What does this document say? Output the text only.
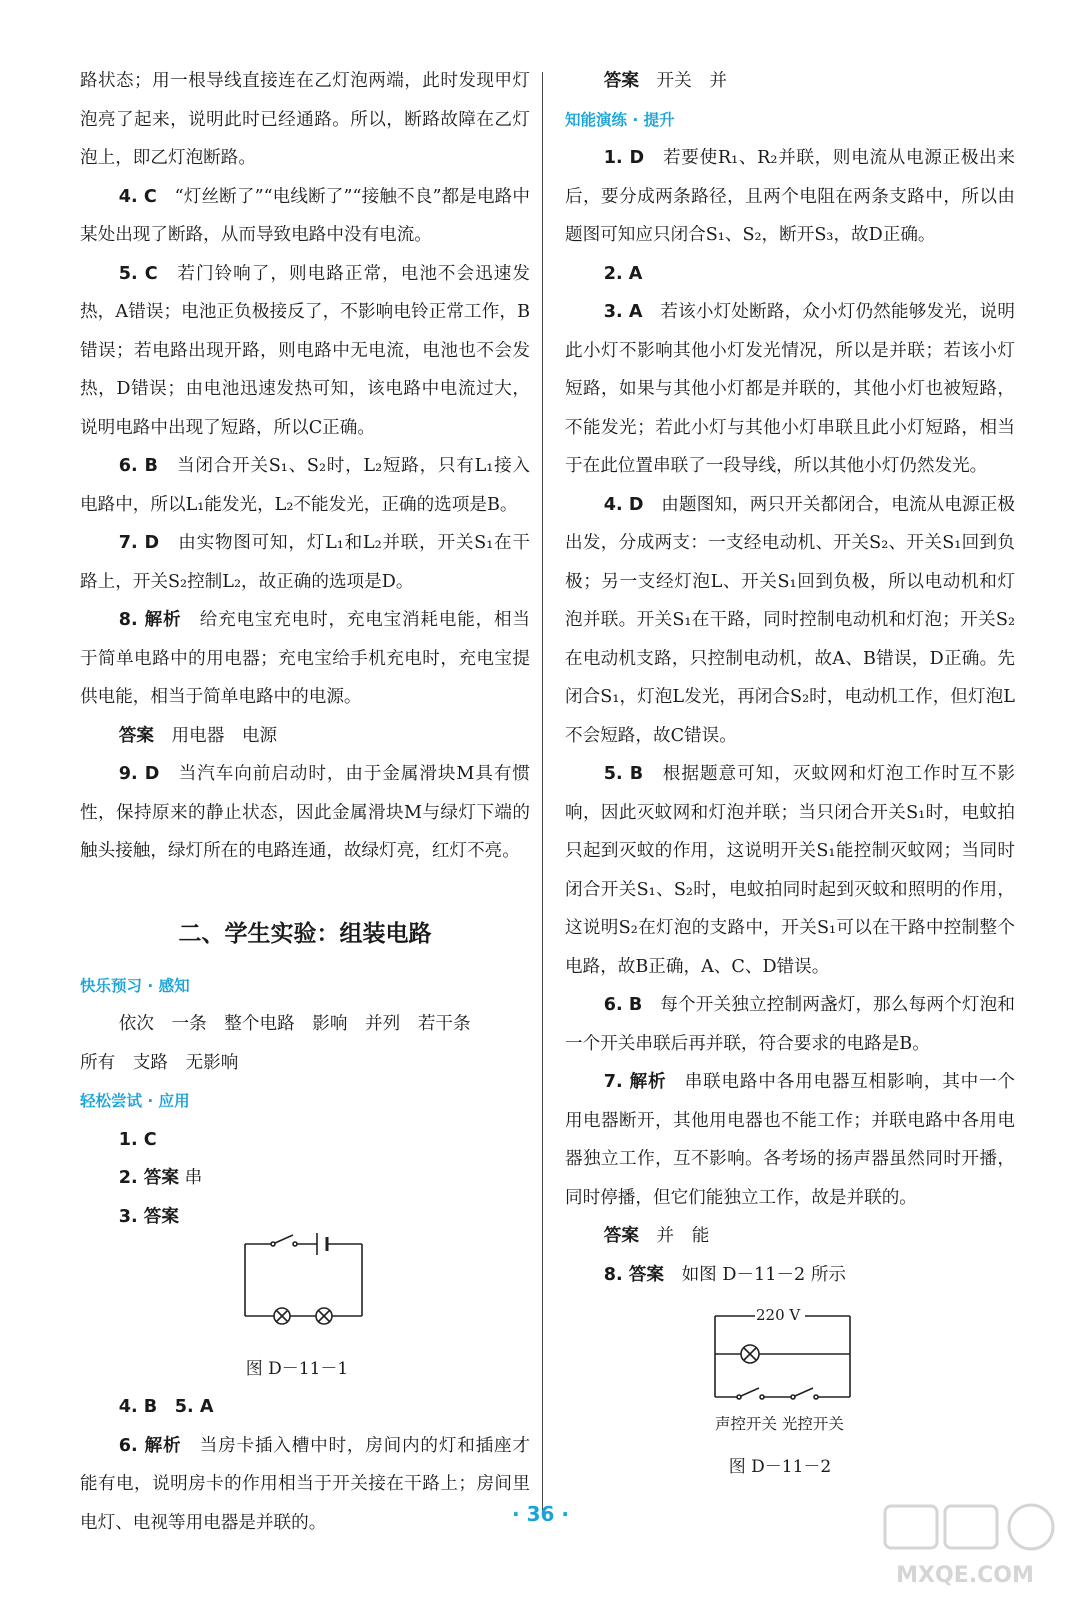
路状态；用一根导线直接连在乙灯泡两端，此时发现甲灯泡亮了起来，说明此时已经通路。所以，断路故障在乙灯泡上，即乙灯泡断路。

4. C　 “灯丝断了”“电线断了”“接触不良”都是电路中某处出现了断路，从而导致电路中没有电流。

5. C　 若门铃响了，则电路正常，电池不会迅速发热，A错误；电池正负极接反了，不影响电铃正常工作，B错误；若电路出现开路，则电路中无电流，电池也不会发热，D错误；由电池迅速发热可知，该电路中电流过大，说明电路中出现了短路，所以C正确。

6. B　 当闭合开关S₁、S₂时，L₂短路，只有L₁接入电路中，所以L₁能发光，L₂不能发光，正确的选项是B。

7. D　 由实物图可知，灯L₁和L₂并联，开关S₁在干路上，开关S₂控制L₂，故正确的选项是D。

8. 解析　 给充电宝充电时，充电宝消耗电能，相当于简单电路中的用电器；充电宝给手机充电时，充电宝提供电能，相当于简单电路中的电源。

答案　 用电器　电源

9. D　 当汽车向前启动时，由于金属滑块M具有惯性，保持原来的静止状态，因此金属滑块M与绿灯下端的触头接触，绿灯所在的电路连通，故绿灯亮，红灯不亮。

二、学生实验：组装电路

快乐预习 · 感知

依次　一条　整个电路　影响　并列　若干条

所有　支路　无影响

轻松尝试 · 应用

1. C

2. 答案 串

3. 答案

图 D－11－1

4. B　5. A

6. 解析　 当房卡插入槽中时，房间内的灯和插座才能有电，说明房卡的作用相当于开关接在干路上；房间里电灯、电视等用电器是并联的。

答案　 开关　并

知能演练 · 提升

1. D　 若要使R₁、R₂并联，则电流从电源正极出来后，要分成两条路径，且两个电阻在两条支路中，所以由题图可知应只闭合S₁、S₂，断开S₃，故D正确。

2. A

3. A　 若该小灯处断路，众小灯仍然能够发光，说明此小灯不影响其他小灯发光情况，所以是并联；若该小灯短路，如果与其他小灯都是并联的，其他小灯也被短路，不能发光；若此小灯与其他小灯串联且此小灯短路，相当于在此位置串联了一段导线，所以其他小灯仍然发光。

4. D　 由题图知，两只开关都闭合，电流从电源正极出发，分成两支：一支经电动机、开关S₂、开关S₁回到负极；另一支经灯泡L、开关S₁回到负极，所以电动机和灯泡并联。开关S₁在干路，同时控制电动机和灯泡；开关S₂在电动机支路，只控制电动机，故A、B错误，D正确。先闭合S₁，灯泡L发光，再闭合S₂时，电动机工作，但灯泡L不会短路，故C错误。

5. B　 根据题意可知，灭蚊网和灯泡工作时互不影响，因此灭蚊网和灯泡并联；当只闭合开关S₁时，电蚊拍只起到灭蚊的作用，这说明开关S₁能控制灭蚊网；当同时闭合开关S₁、S₂时，电蚊拍同时起到灭蚊和照明的作用，这说明S₂在灯泡的支路中，开关S₁可以在干路中控制整个电路，故B正确，A、C、D错误。

6. B　 每个开关独立控制两盏灯，那么每两个灯泡和一个开关串联后再并联，符合要求的电路是B。

7. 解析　 串联电路中各用电器互相影响，其中一个用电器断开，其他用电器也不能工作；并联电路中各用电器独立工作，互不影响。各考场的扬声器虽然同时开播，同时停播，但它们能独立工作，故是并联的。

答案　 并　能

8. 答案　 如图 D－11－2 所示

220 V
声控开关 光控开关

图 D－11－2

· 36 ·
MXQE.COM
